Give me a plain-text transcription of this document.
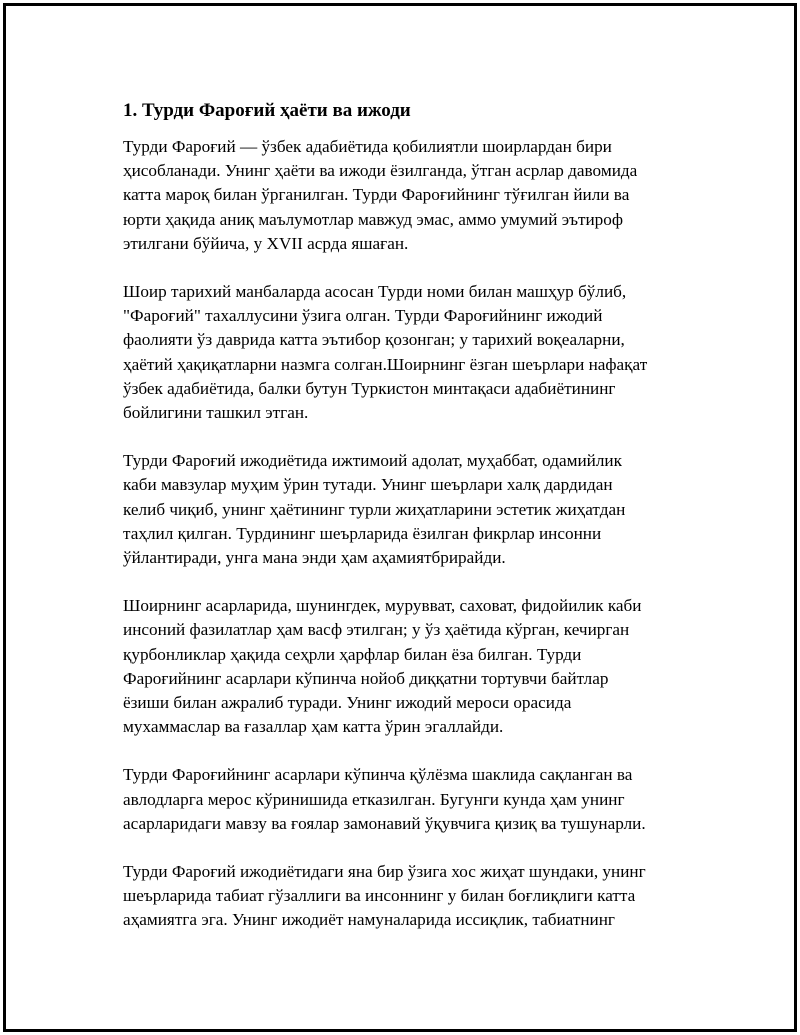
1. Турди Фароғий ҳаёти ва ижоди

Турди Фароғий — ўзбек адабиётида қобилиятли шоирлардан бири
ҳисобланади. Унинг ҳаёти ва ижоди ёзилганда, ўтган асрлар давомида
катта мароқ билан ўрганилган. Турди Фароғийнинг тўғилган йили ва
юрти ҳақида аниқ маълумотлар мавжуд эмас, аммо умумий эътироф
этилгани бўйича, у XVII асрда яшаған.

Шоир тарихий манбаларда асосан Турди номи билан машҳур бўлиб,
"Фароғий" тахаллусини ўзига олган. Турди Фароғийнинг ижодий
фаолияти ўз даврида катта эътибор қозонган; у тарихий воқеаларни,
ҳаётий ҳақиқатларни назмга солган.Шоирнинг ёзган шеърлари нафақат
ўзбек адабиётида, балки бутун Туркистон минтақаси адабиётининг
бойлигини ташкил этган.

Турди Фароғий ижодиётида ижтимоий адолат, муҳаббат, одамийлик
каби мавзулар муҳим ўрин тутади. Унинг шеърлари халқ дардидан
келиб чиқиб, унинг ҳаётининг турли жиҳатларини эстетик жиҳатдан
таҳлил қилган. Турдининг шеърларида ёзилган фикрлар инсонни
ўйлантиради, унга мана энди ҳам аҳамиятбрирайди.

Шоирнинг асарларида, шунингдек, мурувват, саховат, фидойилик каби
инсоний фазилатлар ҳам васф этилган; у ўз ҳаётида кўрган, кечирган
қурбонликлар ҳақида сеҳрли ҳарфлар билан ёза билган. Турди
Фароғийнинг асарлари кўпинча нойоб диққатни тортувчи байтлар
ёзиши билан ажралиб туради. Унинг ижодий мероси орасида
мухаммаслар ва ғазаллар ҳам катта ўрин эгаллайди.

Турди Фароғийнинг асарлари кўпинча қўлёзма шаклида сақланган ва
авлодларга мерос кўринишида етказилган. Бугунги кунда ҳам унинг
асарларидаги мавзу ва ғоялар замонавий ўқувчига қизиқ ва тушунарли.

Турди Фароғий ижодиётидаги яна бир ўзига хос жиҳат шундаки, унинг
шеърларида табиат гўзаллиги ва инсоннинг у билан боғлиқлиги катта
аҳамиятга эга. Унинг ижодиёт намуналарида иссиқлик, табиатнинг
